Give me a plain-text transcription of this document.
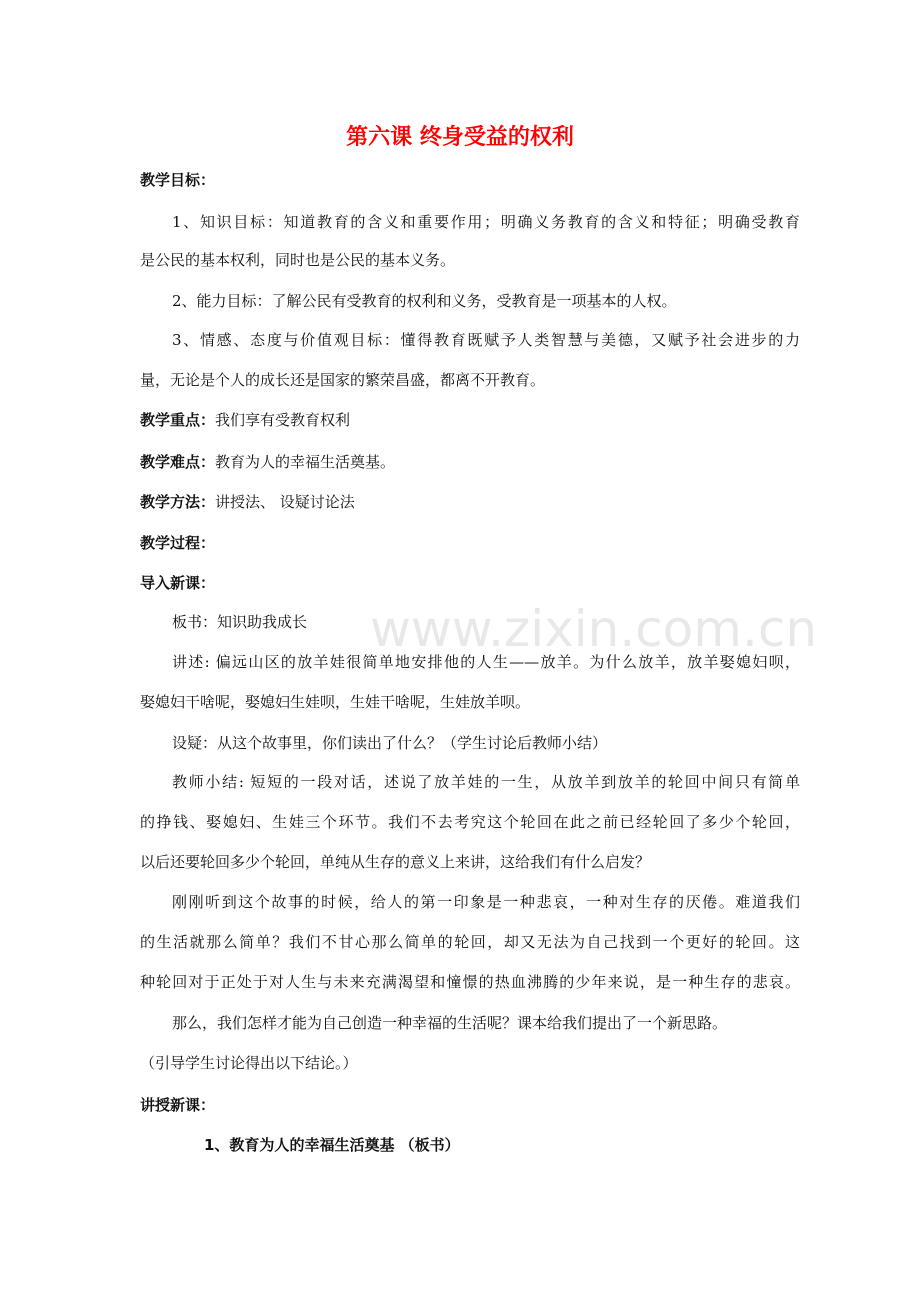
www.zixin.com.cn
第六课 终身受益的权利
教学目标：
1、知识目标：知道教育的含义和重要作用；明确义务教育的含义和特征；明确受教育
是公民的基本权利，同时也是公民的基本义务。
2、能力目标：了解公民有受教育的权利和义务，受教育是一项基本的人权。
3、情感、态度与价值观目标：懂得教育既赋予人类智慧与美德，又赋予社会进步的力
量，无论是个人的成长还是国家的繁荣昌盛，都离不开教育。
教学重点：我们享有受教育权利
教学难点：教育为人的幸福生活奠基。
教学方法：讲授法、 设疑讨论法
教学过程：
导入新课：
板书：知识助我成长
讲述: 偏远山区的放羊娃很简单地安排他的人生——放羊。为什么放羊，放羊娶媳妇呗，
娶媳妇干啥呢，娶媳妇生娃呗，生娃干啥呢，生娃放羊呗。
设疑：从这个故事里，你们读出了什么？（学生讨论后教师小结）
教师小结: 短短的一段对话，述说了放羊娃的一生，从放羊到放羊的轮回中间只有简单
的挣钱、娶媳妇、生娃三个环节。我们不去考究这个轮回在此之前已经轮回了多少个轮回，
以后还要轮回多少个轮回，单纯从生存的意义上来讲，这给我们有什么启发？
刚刚听到这个故事的时候，给人的第一印象是一种悲哀，一种对生存的厌倦。难道我们
的生活就那么简单？我们不甘心那么简单的轮回，却又无法为自己找到一个更好的轮回。这
种轮回对于正处于对人生与未来充满渴望和憧憬的热血沸腾的少年来说，是一种生存的悲哀。
那么，我们怎样才能为自己创造一种幸福的生活呢？课本给我们提出了一个新思路。
（引导学生讨论得出以下结论。）
讲授新课：
1、教育为人的幸福生活奠基 （板书）
